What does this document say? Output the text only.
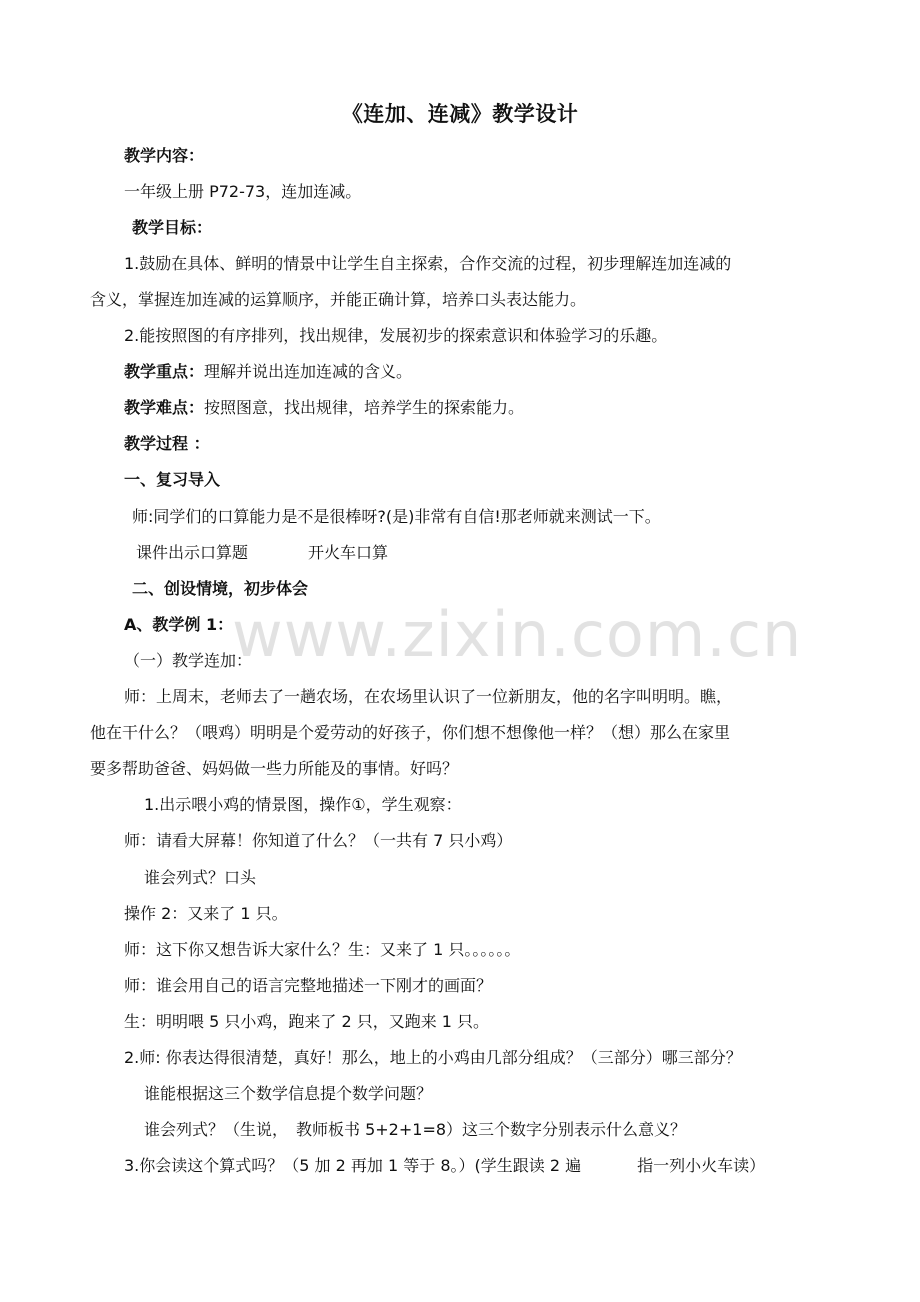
《连加、连减》教学设计
教学内容：
一年级上册 P72-73，连加连减。
教学目标：
1.鼓励在具体、鲜明的情景中让学生自主探索，合作交流的过程，初步理解连加连减的
含义，掌握连加连减的运算顺序，并能正确计算，培养口头表达能力。
2.能按照图的有序排列，找出规律，发展初步的探索意识和体验学习的乐趣。
教学重点：理解并说出连加连减的含义。
教学难点：按照图意，找出规律，培养学生的探索能力。
教学过程 ：
一、复习导入
师:同学们的口算能力是不是很棒呀?(是)非常有自信!那老师就来测试一下。
课件出示口算题	开火车口算
二、创设情境，初步体会
A、教学例 1：
（一）教学连加：
师：上周末，老师去了一趟农场，在农场里认识了一位新朋友，他的名字叫明明。瞧，
他在干什么？（喂鸡）明明是个爱劳动的好孩子，你们想不想像他一样？（想）那么在家里
要多帮助爸爸、妈妈做一些力所能及的事情。好吗？
1.出示喂小鸡的情景图，操作①，学生观察：
师：请看大屏幕！你知道了什么？（一共有 7 只小鸡）
谁会列式？口头
操作 2：又来了 1 只。
师：这下你又想告诉大家什么？生：又来了 1 只。。。。。。
师：谁会用自己的语言完整地描述一下刚才的画面？
生：明明喂 5 只小鸡，跑来了 2 只，又跑来 1 只。
2.师: 你表达得很清楚，真好！那么，地上的小鸡由几部分组成？（三部分）哪三部分？
谁能根据这三个数学信息提个数学问题？
谁会列式？（生说，　教师板书 5+2+1=8）这三个数字分别表示什么意义？
3.你会读这个算式吗？（5 加 2 再加 1 等于 8。）(学生跟读 2 遍	指一列小火车读）
www.zixin.com.cn
